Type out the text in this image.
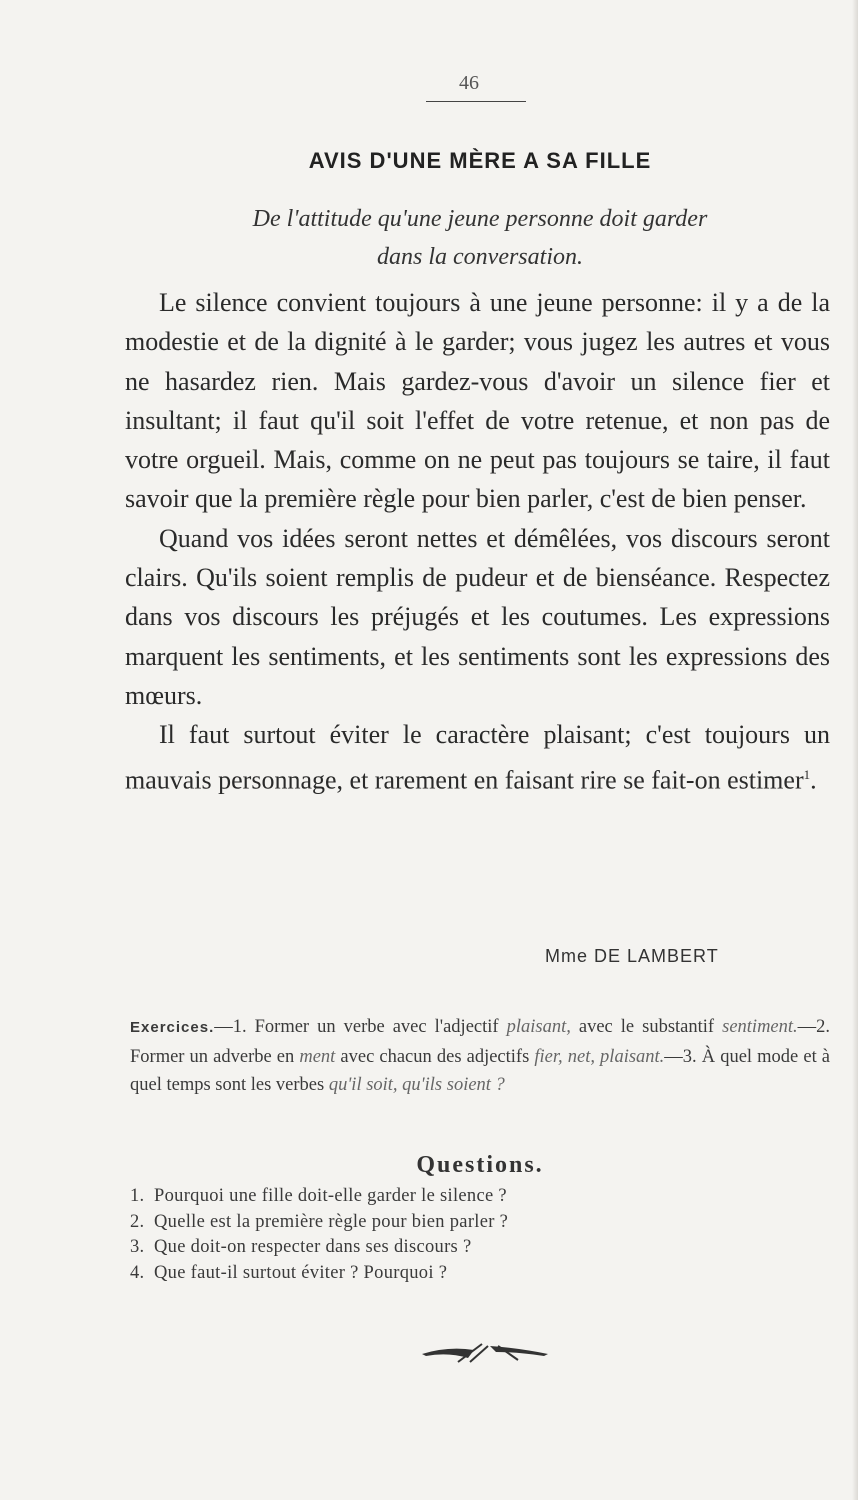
46
AVIS D'UNE MÈRE A SA FILLE
De l'attitude qu'une jeune personne doit garder
dans la conversation.

Le silence convient toujours à une jeune personne: il y a de la modestie et de la dignité à le garder; vous jugez les autres et vous ne hasardez rien. Mais gardez-vous d'avoir un silence fier et insultant; il faut qu'il soit l'effet de votre retenue, et non pas de votre orgueil. Mais, comme on ne peut pas toujours se taire, il faut savoir que la première règle pour bien parler, c'est de bien penser.

Quand vos idées seront nettes et démêlées, vos discours seront clairs. Qu'ils soient remplis de pudeur et de bienséance. Respectez dans vos discours les préjugés et les coutumes. Les expressions marquent les sentiments, et les sentiments sont les expressions des mœurs.

Il faut surtout éviter le caractère plaisant; c'est toujours un mauvais personnage, et rarement en faisant rire se fait-on estimer$^1$.

Mme DE LAMBERT
Exercices.—1. Former un verbe avec l'adjectif plaisant, avec le substantif sentiment.—2. Former un adverbe en ment avec chacun des adjectifs fier, net, plaisant.—3. À quel mode et à quel temps sont les verbes qu'il soit, qu'ils soient ?
Questions.
1. Pourquoi une fille doit-elle garder le silence ?
2. Quelle est la première règle pour bien parler ?
3. Que doit-on respecter dans ses discours ?
4. Que faut-il surtout éviter ? Pourquoi ?
